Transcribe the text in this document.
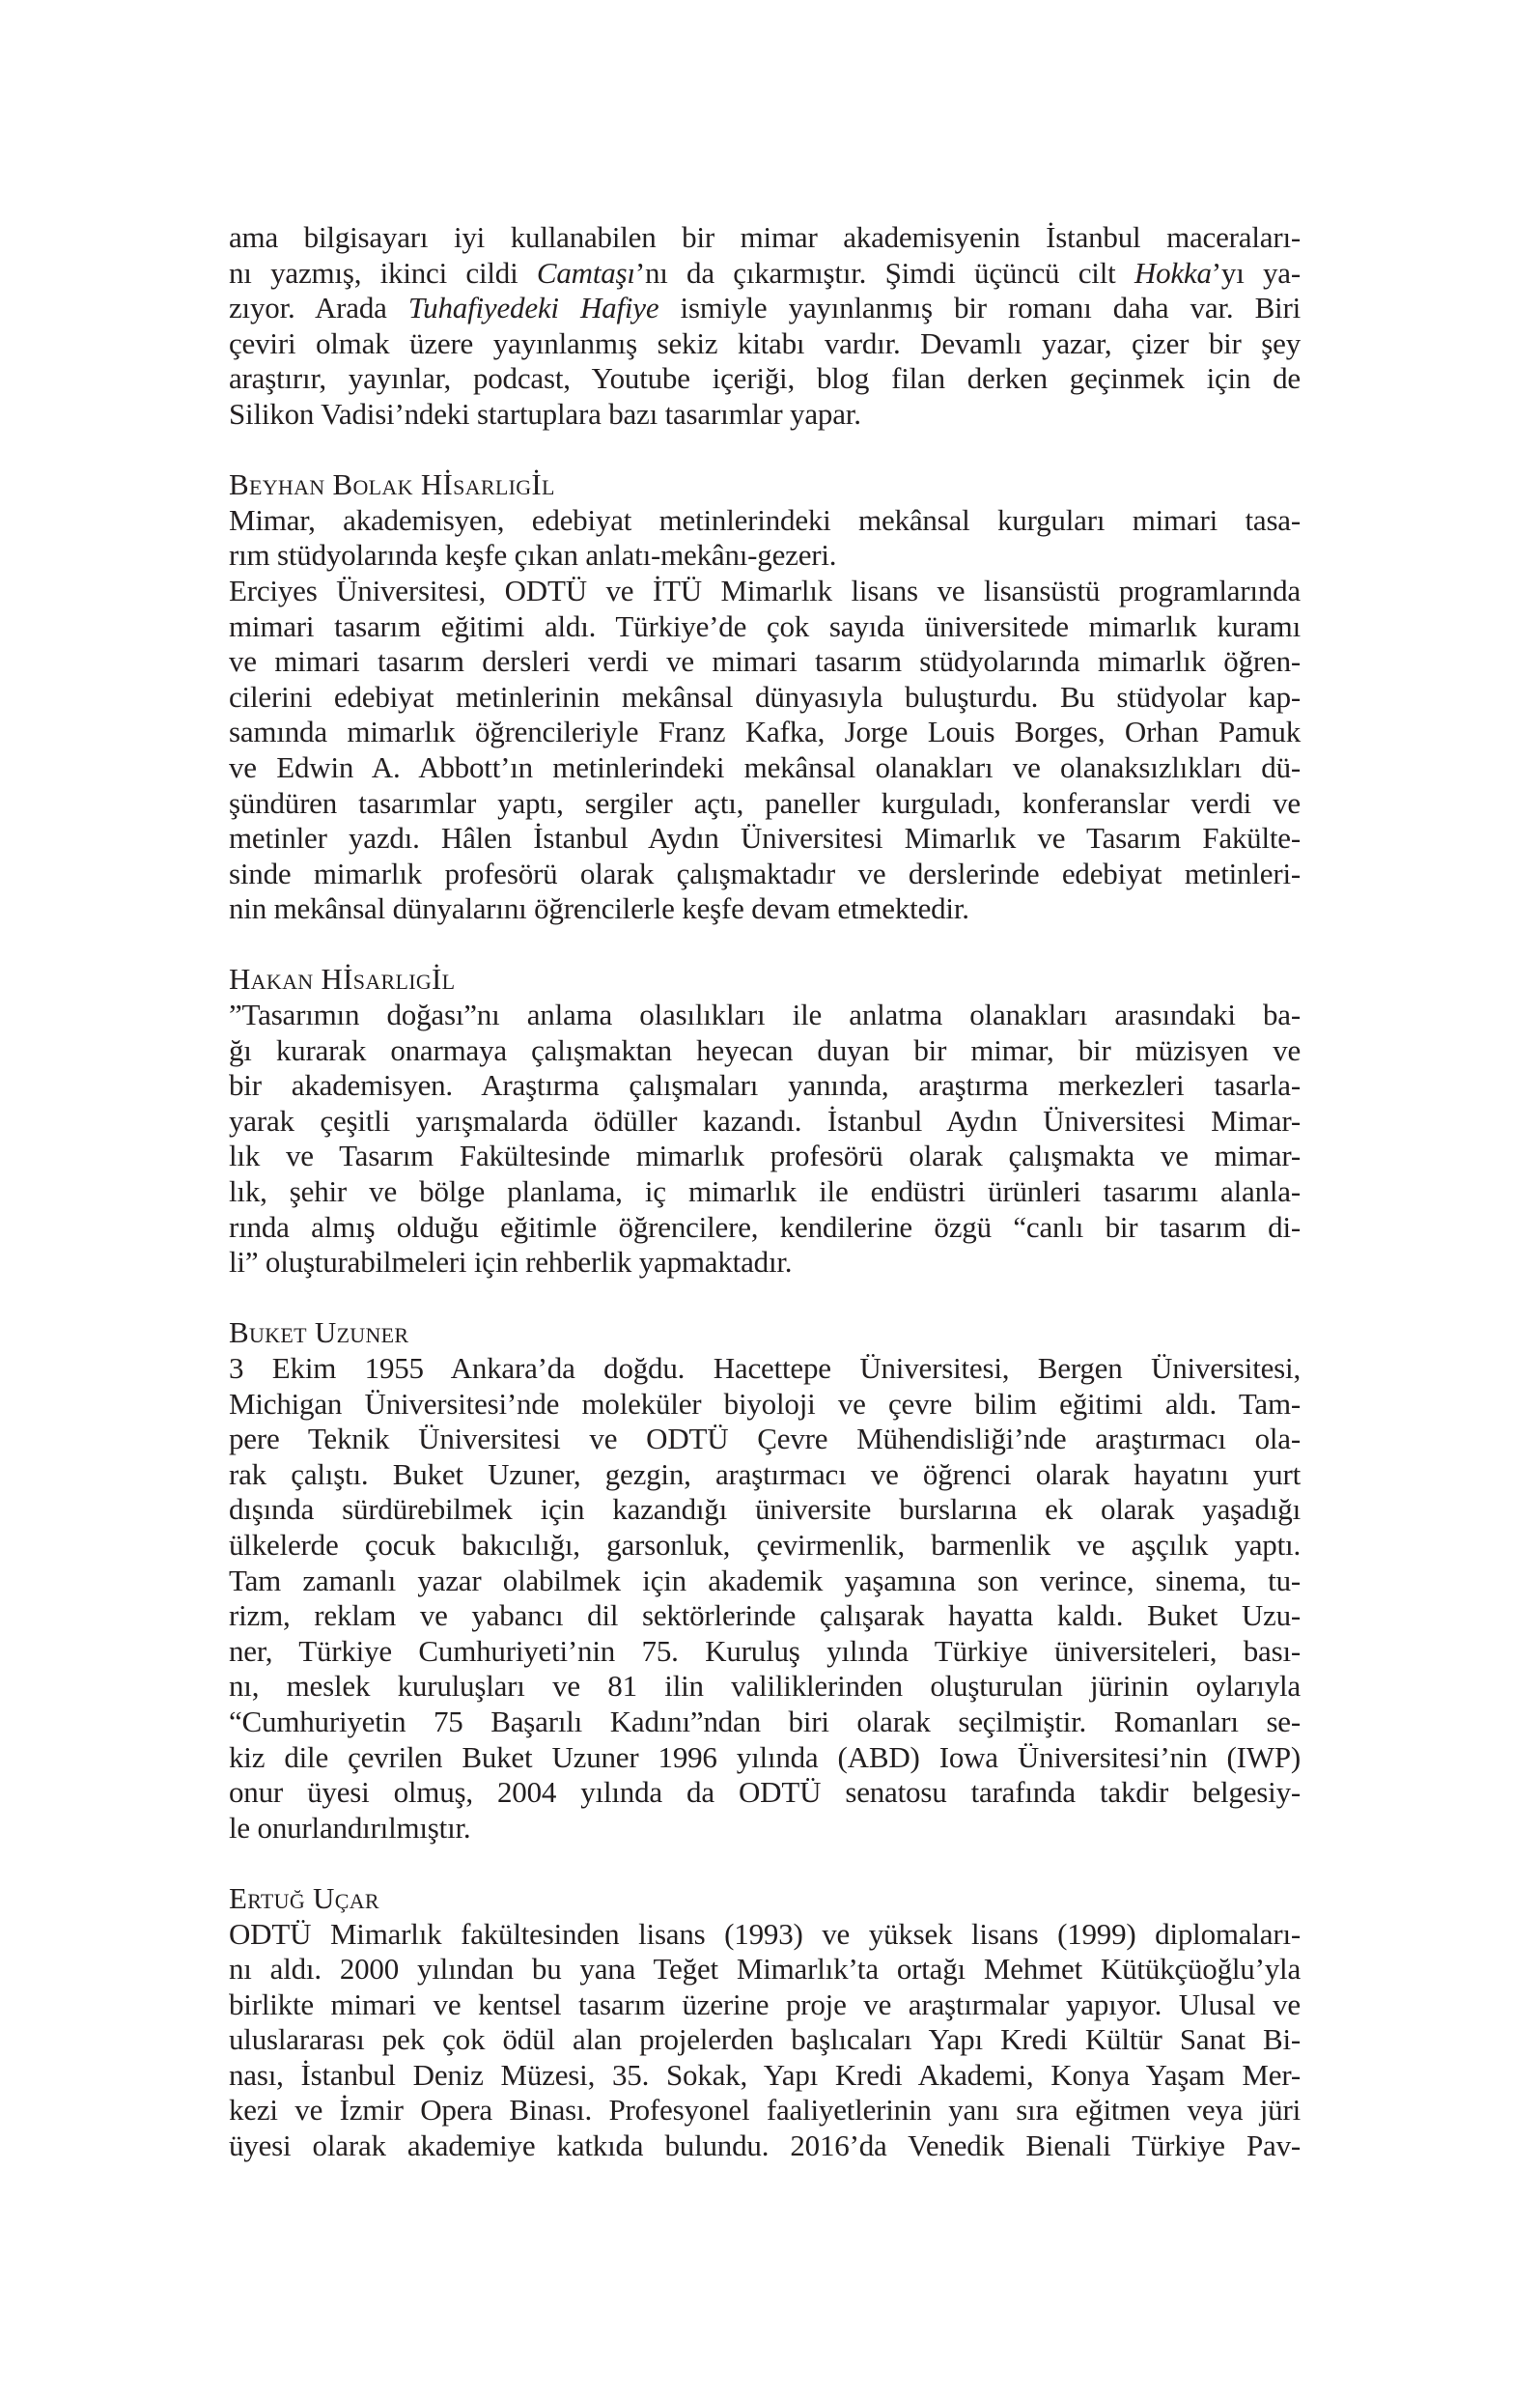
ama bilgisayarı iyi kullanabilen bir mimar akademisyenin İstanbul maceraları-
nı yazmış, ikinci cildi Camtaşı’nı da çıkarmıştır. Şimdi üçüncü cilt Hokka’yı ya-
zıyor. Arada Tuhafiyedeki Hafiye ismiyle yayınlanmış bir romanı daha var. Biri
çeviri olmak üzere yayınlanmış sekiz kitabı vardır. Devamlı yazar, çizer bir şey
araştırır, yayınlar, podcast, Youtube içeriği, blog filan derken geçinmek için de
Silikon Vadisi’ndeki startuplara bazı tasarımlar yapar.
Beyhan Bolak Hİsarlıgİl
Mimar, akademisyen, edebiyat metinlerindeki mekânsal kurguları mimari tasa-
rım stüdyolarında keşfe çıkan anlatı-mekânı-gezeri.
Erciyes Üniversitesi, ODTÜ ve İTÜ Mimarlık lisans ve lisansüstü programlarında
mimari tasarım eğitimi aldı. Türkiye’de çok sayıda üniversitede mimarlık kuramı
ve mimari tasarım dersleri verdi ve mimari tasarım stüdyolarında mimarlık öğren-
cilerini edebiyat metinlerinin mekânsal dünyasıyla buluşturdu. Bu stüdyolar kap-
samında mimarlık öğrencileriyle Franz Kafka, Jorge Louis Borges, Orhan Pamuk
ve Edwin A. Abbott’ın metinlerindeki mekânsal olanakları ve olanaksızlıkları dü-
şündüren tasarımlar yaptı, sergiler açtı, paneller kurguladı, konferanslar verdi ve
metinler yazdı. Hâlen İstanbul Aydın Üniversitesi Mimarlık ve Tasarım Fakülte-
sinde mimarlık profesörü olarak çalışmaktadır ve derslerinde edebiyat metinleri-
nin mekânsal dünyalarını öğrencilerle keşfe devam etmektedir.
Hakan Hİsarlıgİl
”Tasarımın doğası”nı anlama olasılıkları ile anlatma olanakları arasındaki ba-
ğı kurarak onarmaya çalışmaktan heyecan duyan bir mimar, bir müzisyen ve
bir akademisyen. Araştırma çalışmaları yanında, araştırma merkezleri tasarla-
yarak çeşitli yarışmalarda ödüller kazandı. İstanbul Aydın Üniversitesi Mimar-
lık ve Tasarım Fakültesinde mimarlık profesörü olarak çalışmakta ve mimar-
lık, şehir ve bölge planlama, iç mimarlık ile endüstri ürünleri tasarımı alanla-
rında almış olduğu eğitimle öğrencilere, kendilerine özgü “canlı bir tasarım di-
li” oluşturabilmeleri için rehberlik yapmaktadır.
Buket Uzuner
3 Ekim 1955 Ankara’da doğdu. Hacettepe Üniversitesi, Bergen Üniversitesi,
Michigan Üniversitesi’nde moleküler biyoloji ve çevre bilim eğitimi aldı. Tam-
pere Teknik Üniversitesi ve ODTÜ Çevre Mühendisliği’nde araştırmacı ola-
rak çalıştı. Buket Uzuner, gezgin, araştırmacı ve öğrenci olarak hayatını yurt
dışında sürdürebilmek için kazandığı üniversite burslarına ek olarak yaşadığı
ülkelerde çocuk bakıcılığı, garsonluk, çevirmenlik, barmenlik ve aşçılık yaptı.
Tam zamanlı yazar olabilmek için akademik yaşamına son verince, sinema, tu-
rizm, reklam ve yabancı dil sektörlerinde çalışarak hayatta kaldı. Buket Uzu-
ner, Türkiye Cumhuriyeti’nin 75. Kuruluş yılında Türkiye üniversiteleri, bası-
nı, meslek kuruluşları ve 81 ilin valiliklerinden oluşturulan jürinin oylarıyla
“Cumhuriyetin 75 Başarılı Kadını”ndan biri olarak seçilmiştir. Romanları se-
kiz dile çevrilen Buket Uzuner 1996 yılında (ABD) Iowa Üniversitesi’nin (IWP)
onur üyesi olmuş, 2004 yılında da ODTÜ senatosu tarafında takdir belgesiy-
le onurlandırılmıştır.
Ertuğ Uçar
ODTÜ Mimarlık fakültesinden lisans (1993) ve yüksek lisans (1999) diplomaları-
nı aldı. 2000 yılından bu yana Teğet Mimarlık’ta ortağı Mehmet Kütükçüoğlu’yla
birlikte mimari ve kentsel tasarım üzerine proje ve araştırmalar yapıyor. Ulusal ve
uluslararası pek çok ödül alan projelerden başlıcaları Yapı Kredi Kültür Sanat Bi-
nası, İstanbul Deniz Müzesi, 35. Sokak, Yapı Kredi Akademi, Konya Yaşam Mer-
kezi ve İzmir Opera Binası. Profesyonel faaliyetlerinin yanı sıra eğitmen veya jüri
üyesi olarak akademiye katkıda bulundu. 2016’da Venedik Bienali Türkiye Pav-
